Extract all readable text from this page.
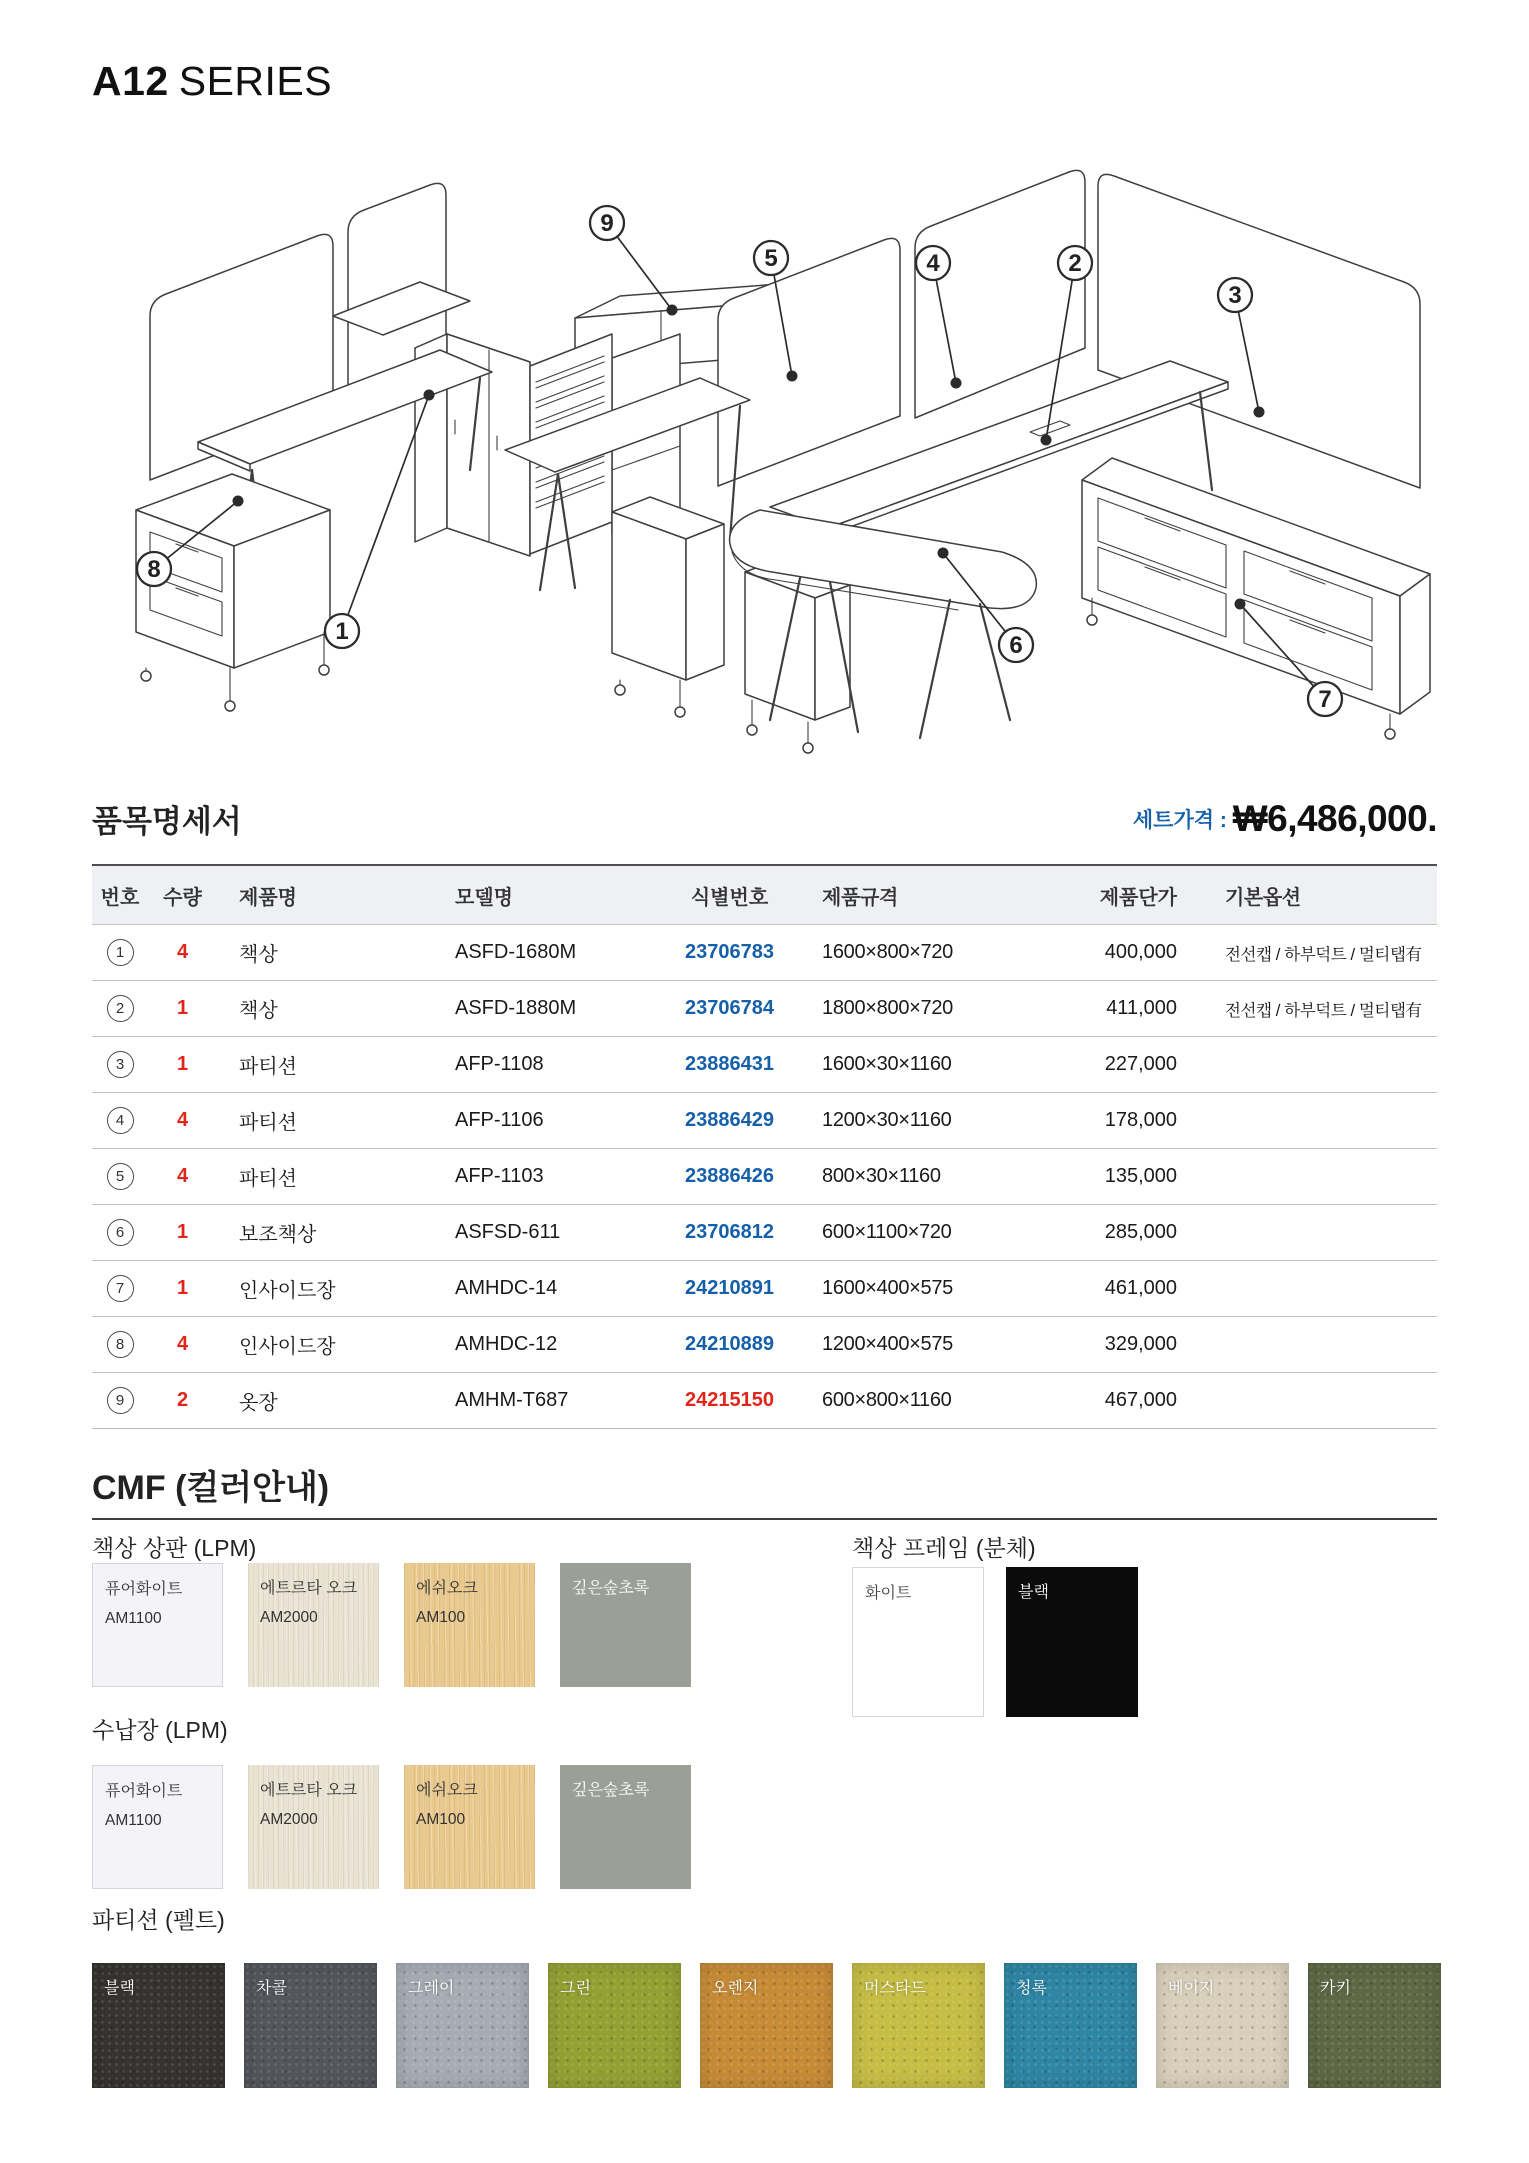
A12 SERIES
9
5	4	2
3
8
1
6
7
품목명세서	세트가격 : ₩6,486,000.
번호	수량	제품명	모델명	식별번호	제품규격	제품단가	기본옵션
1	4	책상	ASFD-1680M	23706783	1600×800×720	400,000	전선캡 / 하부덕트 / 멀티탭有
2	1	책상	ASFD-1880M	23706784	1800×800×720	411,000	전선캡 / 하부덕트 / 멀티탭有
3	1	파티션	AFP-1108	23886431	1600×30×1160	227,000
4	4	파티션	AFP-1106	23886429	1200×30×1160	178,000
5	4	파티션	AFP-1103	23886426	800×30×1160	135,000
6	1	보조책상	ASFSD-611	23706812	600×1100×720	285,000
7	1	인사이드장	AMHDC-14	24210891	1600×400×575	461,000
8	4	인사이드장	AMHDC-12	24210889	1200×400×575	329,000
9	2	옷장	AMHM-T687	24215150	600×800×1160	467,000
CMF (컬러안내)
책상 상판 (LPM)	책상 프레임 (분체)
수납장 (LPM)
파티션 (펠트)
퓨어화이트
AM1100
에트르타 오크
AM2000
에쉬오크
AM100
깊은숲초록	화이트	블랙
퓨어화이트
AM1100
에트르타 오크
AM2000
에쉬오크
AM100
깊은숲초록
블랙	차콜	그레이	그린	오렌지	머스타드	청록	베이지	카키
